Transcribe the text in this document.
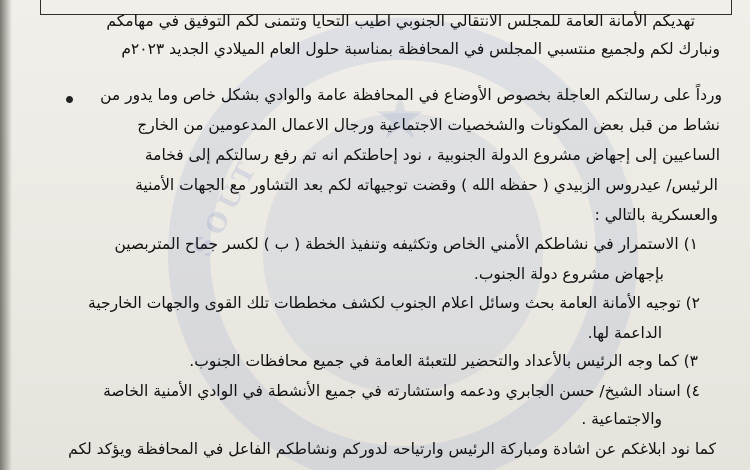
★
SOUT
تهديكم الأمانة العامة للمجلس الانتقالي الجنوبي اطيب التحايا وتتمنى لكم التوفيق في مهامكم
ونبارك لكم ولجميع منتسبي المجلس في المحافظة بمناسبة حلول العام الميلادي الجديد ٢٠٢٣م
ورداً على رسالتكم العاجلة بخصوص الأوضاع في المحافظة عامة والوادي بشكل خاص وما يدور من
نشاط من قبل بعض المكونات والشخصيات الاجتماعية ورجال الاعمال المدعومين من الخارج
الساعيين إلى إجهاض مشروع الدولة الجنوبية ، نود إحاطتكم انه تم رفع رسالتكم إلى فخامة
الرئيس/ عيدروس الزبيدي ( حفظه الله ) وقضت توجيهاته لكم بعد التشاور مع الجهات الأمنية
والعسكرية بالتالي :
١) الاستمرار في نشاطكم الأمني الخاص وتكثيفه وتنفيذ الخطة ( ب ) لكسر جماح المتربصين
بإجهاض مشروع دولة الجنوب.
٢) توجيه الأمانة العامة بحث وسائل اعلام الجنوب لكشف مخططات تلك القوى والجهات الخارجية
الداعمة لها.
٣) كما وجه الرئيس بالأعداد والتحضير للتعبئة العامة في جميع محافظات الجنوب.
٤) اسناد الشيخ/ حسن الجابري ودعمه واستشارته في جميع الأنشطة في الوادي الأمنية الخاصة
والاجتماعية .
كما نود ابلاغكم عن اشادة ومباركة الرئيس وارتياحه لدوركم ونشاطكم الفاعل في المحافظة ويؤكد لكم
